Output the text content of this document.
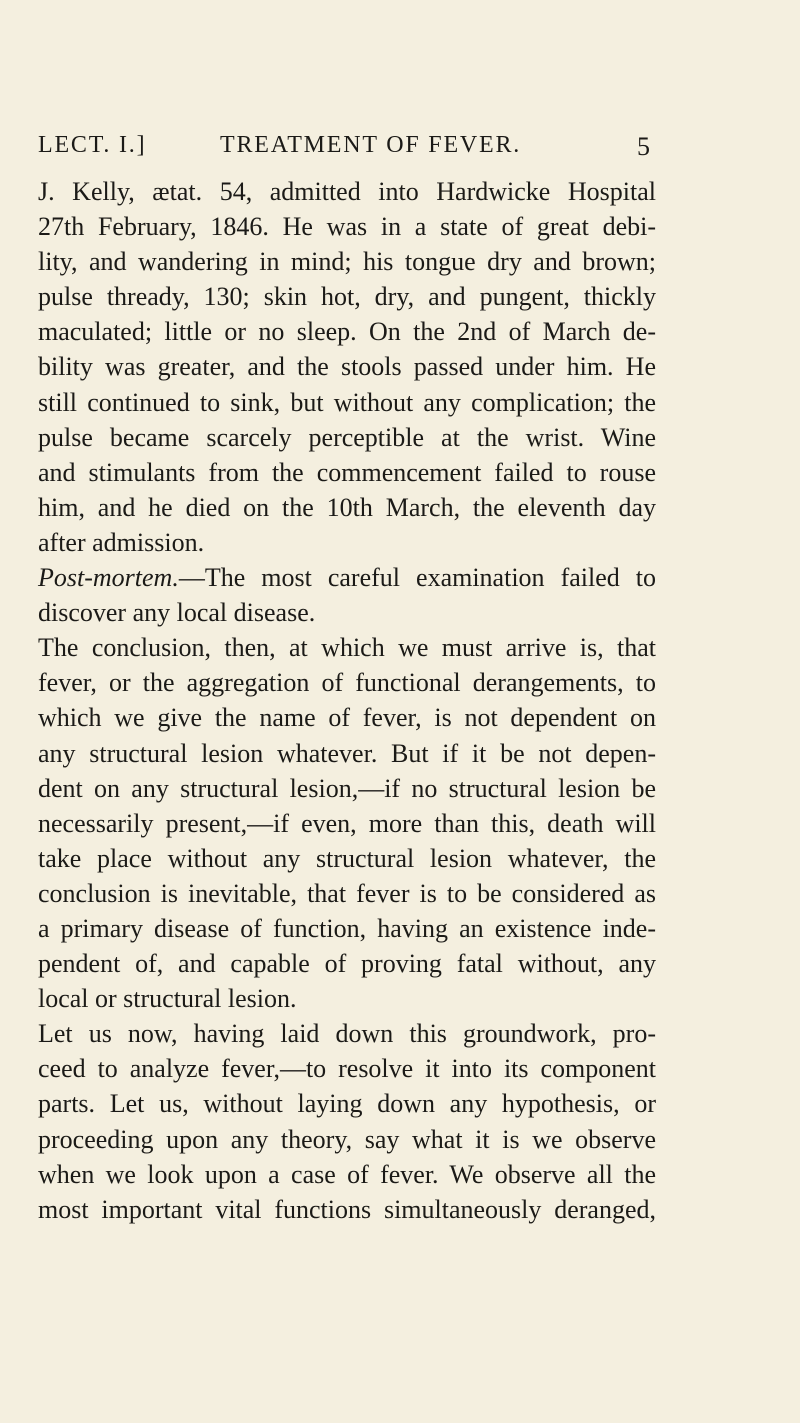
LECT. I.]	TREATMENT OF FEVER.	5
J. Kelly, ætat. 54, admitted into Hardwicke Hospital
27th February, 1846. He was in a state of great debi-
lity, and wandering in mind; his tongue dry and brown;
pulse thready, 130; skin hot, dry, and pungent, thickly
maculated; little or no sleep. On the 2nd of March de-
bility was greater, and the stools passed under him. He
still continued to sink, but without any complication; the
pulse became scarcely perceptible at the wrist. Wine
and stimulants from the commencement failed to rouse
him, and he died on the 10th March, the eleventh day
after admission.
Post-mortem.—The most careful examination failed to
discover any local disease.
The conclusion, then, at which we must arrive is, that
fever, or the aggregation of functional derangements, to
which we give the name of fever, is not dependent on
any structural lesion whatever. But if it be not depen-
dent on any structural lesion,—if no structural lesion be
necessarily present,—if even, more than this, death will
take place without any structural lesion whatever, the
conclusion is inevitable, that fever is to be considered as
a primary disease of function, having an existence inde-
pendent of, and capable of proving fatal without, any
local or structural lesion.
Let us now, having laid down this groundwork, pro-
ceed to analyze fever,—to resolve it into its component
parts. Let us, without laying down any hypothesis, or
proceeding upon any theory, say what it is we observe
when we look upon a case of fever. We observe all the
most important vital functions simultaneously deranged,
